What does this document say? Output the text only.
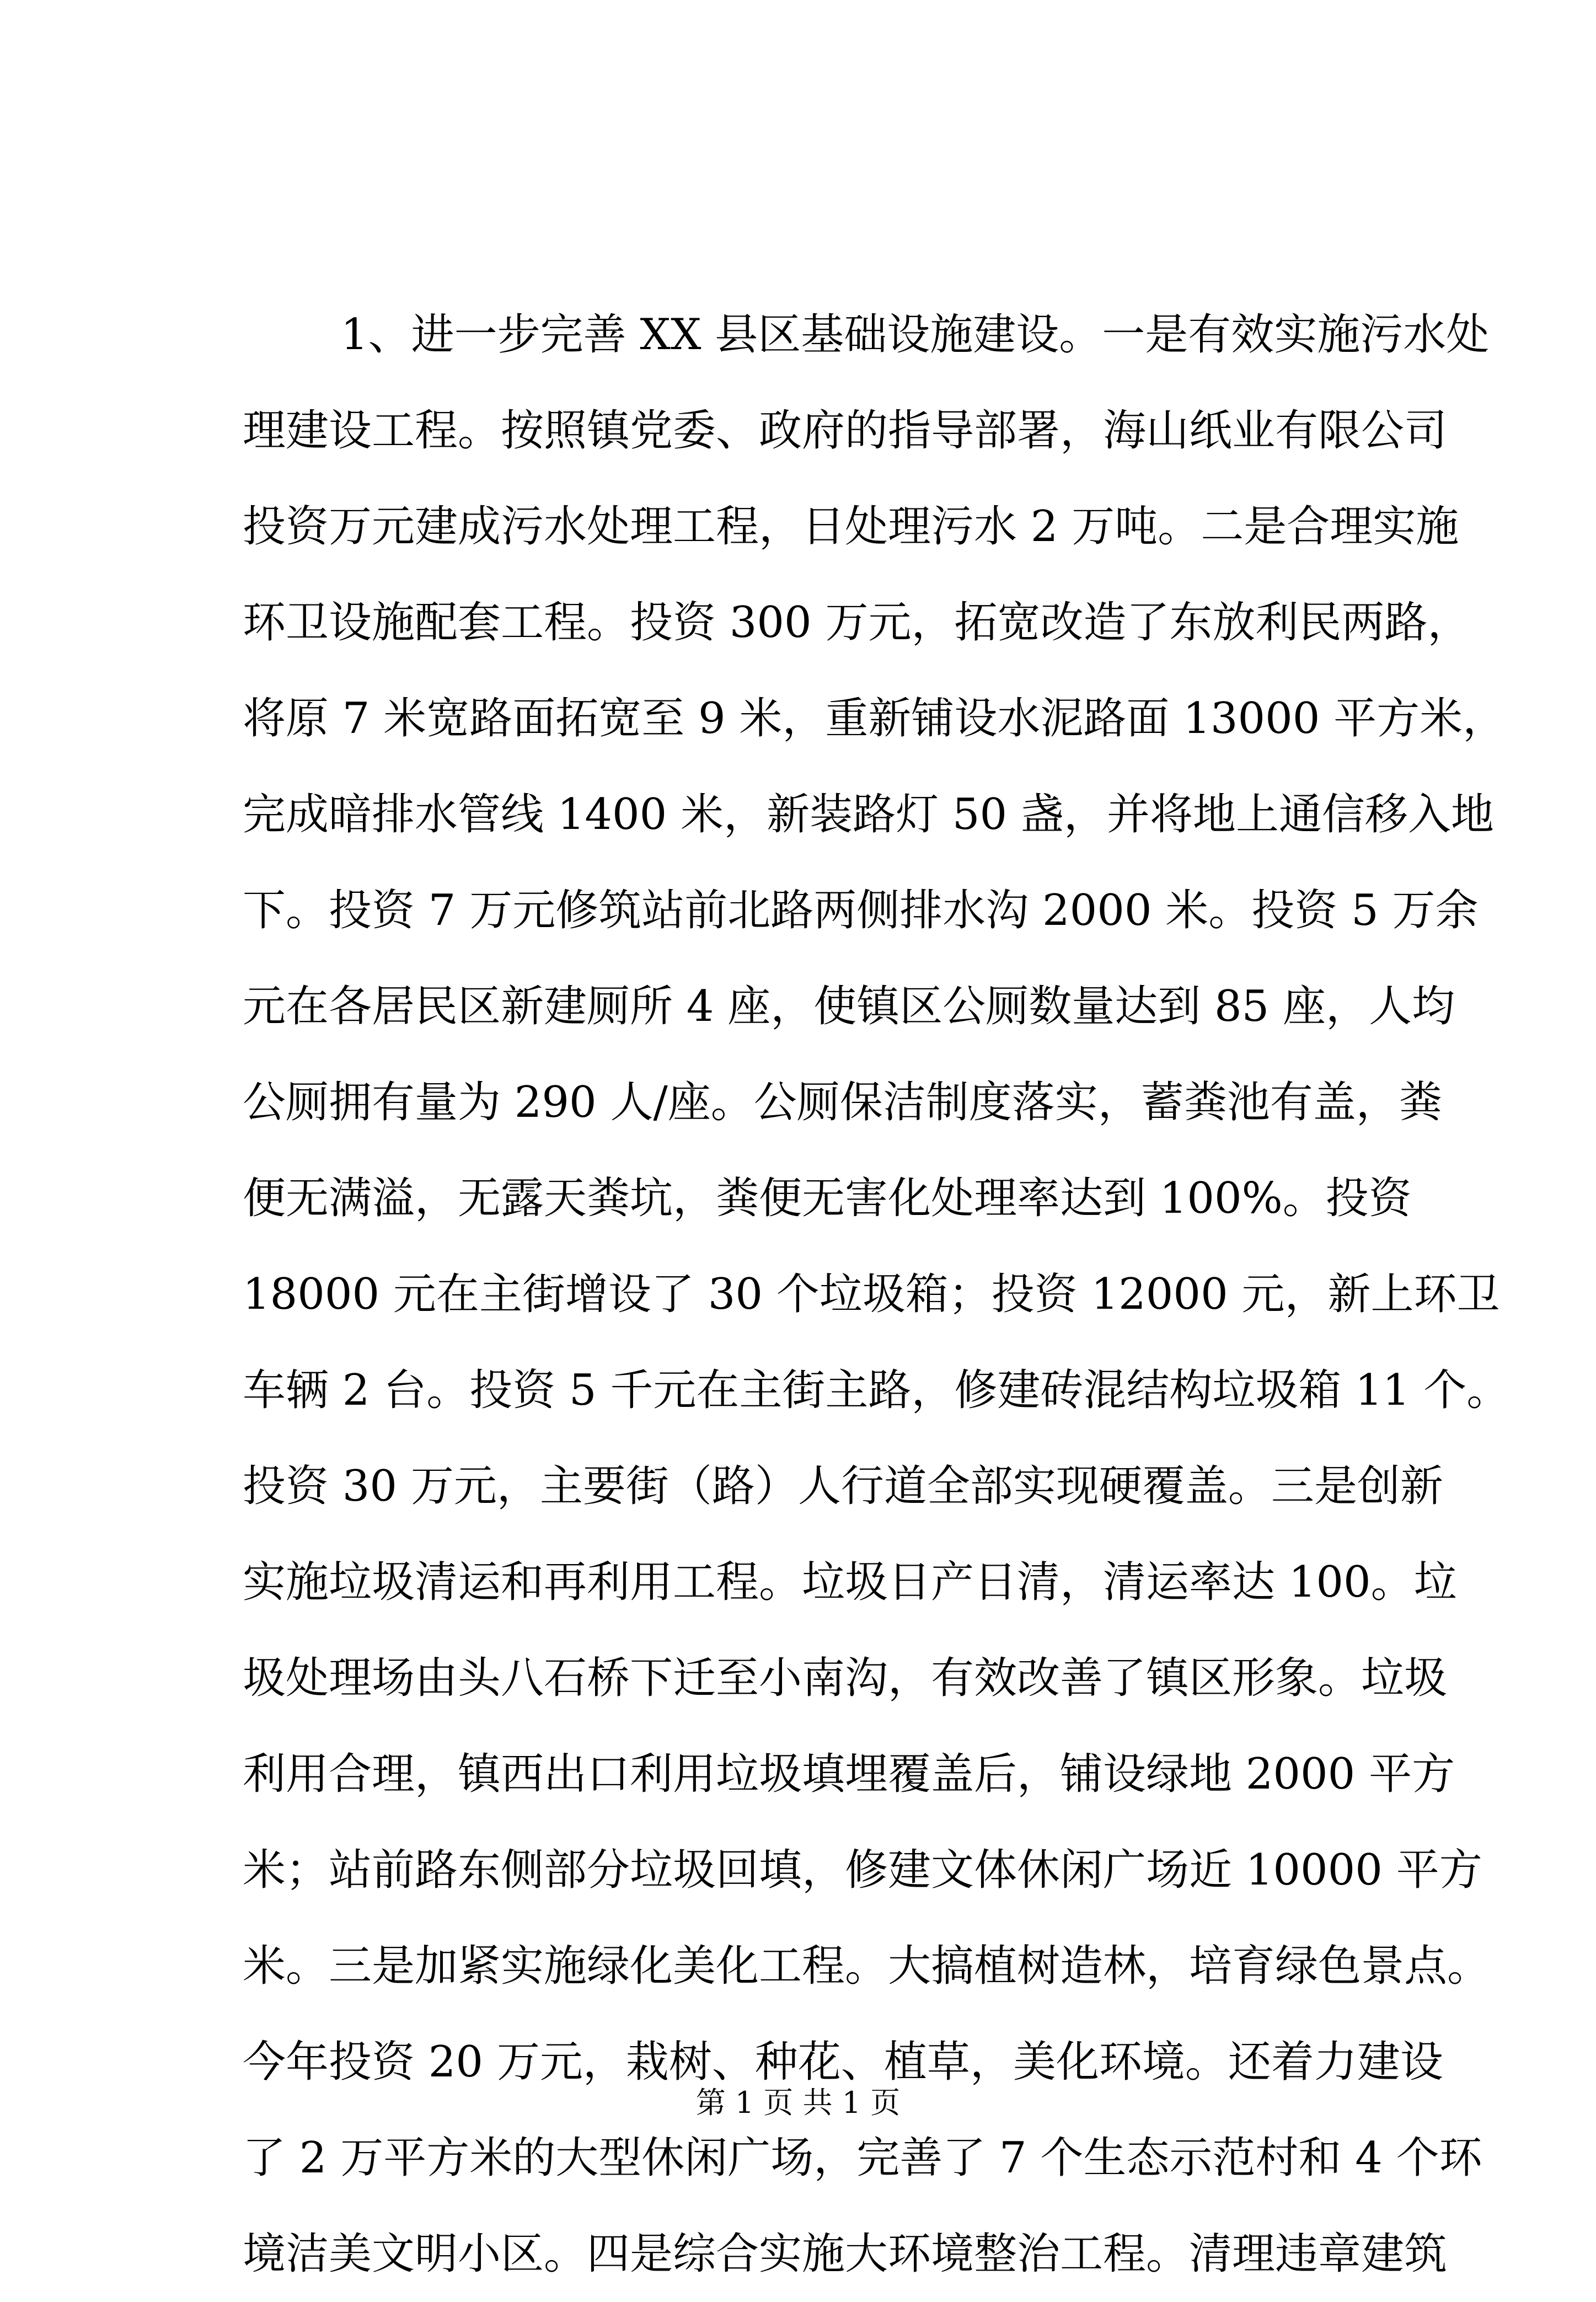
1、进一步完善 XX 县区基础设施建设。一是有效实施污水处
理建设工程。按照镇党委、政府的指导部署，海山纸业有限公司
投资万元建成污水处理工程，日处理污水 2 万吨。二是合理实施
环卫设施配套工程。投资 300 万元，拓宽改造了东放利民两路，
将原 7 米宽路面拓宽至 9 米，重新铺设水泥路面 13000 平方米，
完成暗排水管线 1400 米，新装路灯 50 盏，并将地上通信移入地
下。投资 7 万元修筑站前北路两侧排水沟 2000 米。投资 5 万余
元在各居民区新建厕所 4 座，使镇区公厕数量达到 85 座，人均
公厕拥有量为 290 人/座。公厕保洁制度落实，蓄粪池有盖，粪
便无满溢，无露天粪坑，粪便无害化处理率达到 100%。投资
18000 元在主街增设了 30 个垃圾箱；投资 12000 元，新上环卫
车辆 2 台。投资 5 千元在主街主路，修建砖混结构垃圾箱 11 个。
投资 30 万元，主要街（路）人行道全部实现硬覆盖。三是创新
实施垃圾清运和再利用工程。垃圾日产日清，清运率达 100。垃
圾处理场由头八石桥下迁至小南沟，有效改善了镇区形象。垃圾
利用合理，镇西出口利用垃圾填埋覆盖后，铺设绿地 2000 平方
米；站前路东侧部分垃圾回填，修建文体休闲广场近 10000 平方
米。三是加紧实施绿化美化工程。大搞植树造林，培育绿色景点。
今年投资 20 万元，栽树、种花、植草，美化环境。还着力建设
了 2 万平方米的大型休闲广场，完善了 7 个生态示范村和 4 个环
境洁美文明小区。四是综合实施大环境整治工程。清理违章建筑
第 1 页 共 1 页
